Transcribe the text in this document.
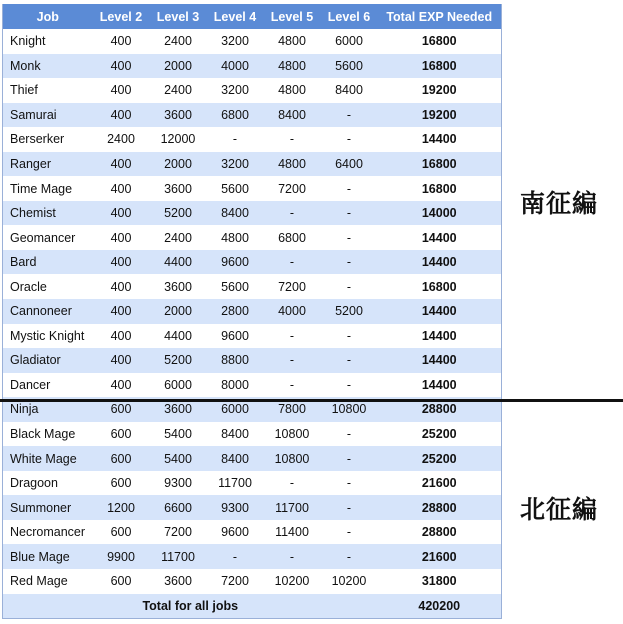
Job	Level 2	Level 3	Level 4	Level 5	Level 6	Total EXP Needed
Knight	400	2400	3200	4800	6000	16800
Monk	400	2000	4000	4800	5600	16800
Thief	400	2400	3200	4800	8400	19200
Samurai	400	3600	6800	8400	-	19200
Berserker	2400	12000	-	-	-	14400
Ranger	400	2000	3200	4800	6400	16800
Time Mage	400	3600	5600	7200	-	16800
Chemist	400	5200	8400	-	-	14000
Geomancer	400	2400	4800	6800	-	14400
Bard	400	4400	9600	-	-	14400
Oracle	400	3600	5600	7200	-	16800
Cannoneer	400	2000	2800	4000	5200	14400
Mystic Knight	400	4400	9600	-	-	14400
Gladiator	400	5200	8800	-	-	14400
Dancer	400	6000	8000	-	-	14400
Ninja	600	3600	6000	7800	10800	28800
Black Mage	600	5400	8400	10800	-	25200
White Mage	600	5400	8400	10800	-	25200
Dragoon	600	9300	11700	-	-	21600
Summoner	1200	6600	9300	11700	-	28800
Necromancer	600	7200	9600	11400	-	28800
Blue Mage	9900	11700	-	-	-	21600
Red Mage	600	3600	7200	10200	10200	31800
Total for all jobs						420200
南征編
北征編
